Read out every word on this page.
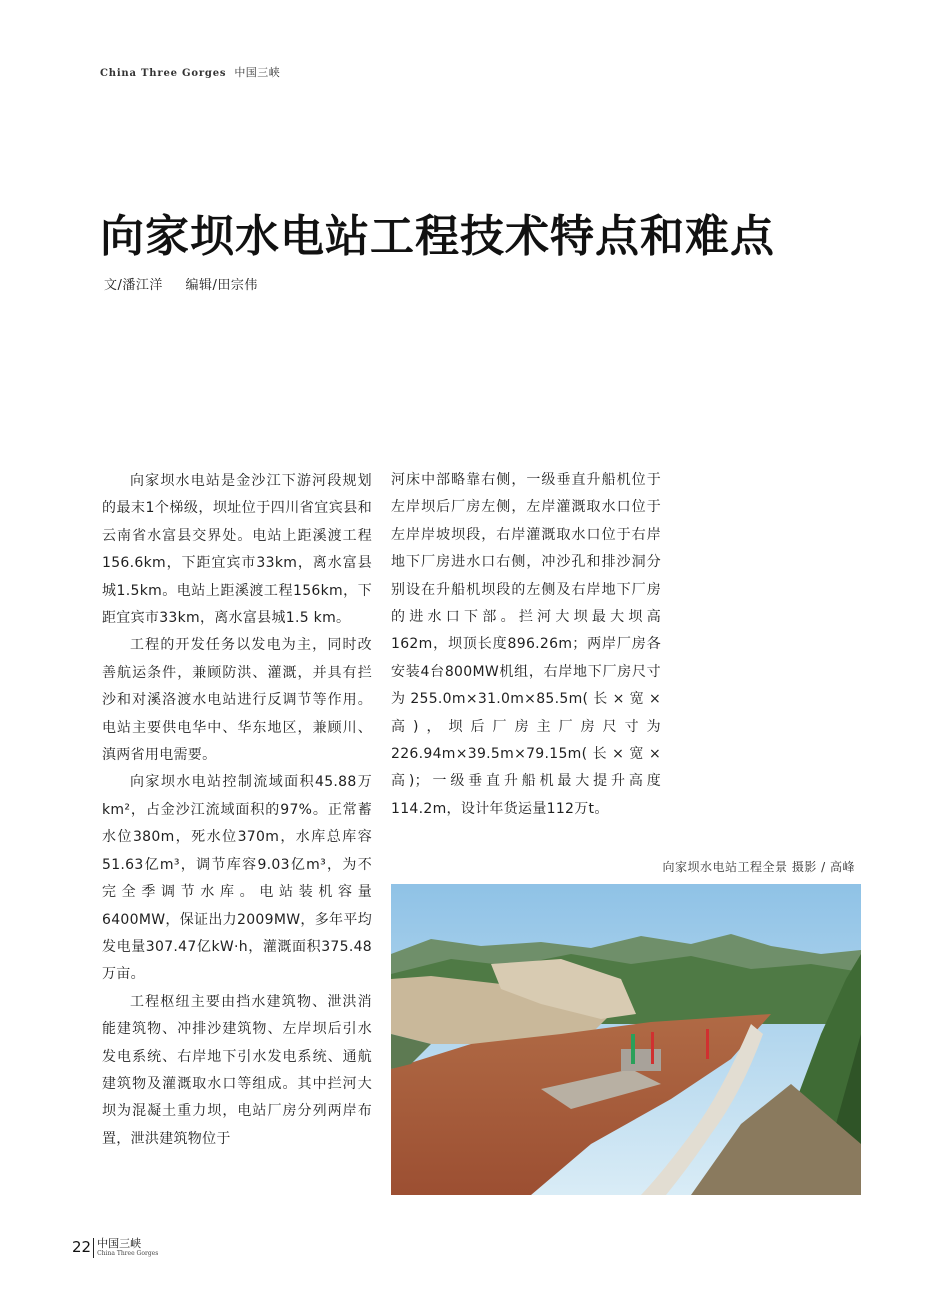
China Three Gorges 中国三峡
向家坝水电站工程技术特点和难点
文/潘江洋 编辑/田宗伟

向家坝水电站是金沙江下游河段规划的最末1个梯级，坝址位于四川省宜宾县和云南省水富县交界处。电站上距溪渡工程156.6km，下距宜宾市33km，离水富县城1.5km。电站上距溪渡工程156km，下距宜宾市33km，离水富县城1.5 km。

工程的开发任务以发电为主，同时改善航运条件，兼顾防洪、灌溉，并具有拦沙和对溪洛渡水电站进行反调节等作用。电站主要供电华中、华东地区，兼顾川、滇两省用电需要。

向家坝水电站控制流域面积45.88万km²，占金沙江流域面积的97%。正常蓄水位380m，死水位370m，水库总库容51.63亿m³，调节库容9.03亿m³，为不完全季调节水库。电站装机容量6400MW，保证出力2009MW，多年平均发电量307.47亿kW·h，灌溉面积375.48万亩。

工程枢纽主要由挡水建筑物、泄洪消能建筑物、冲排沙建筑物、左岸坝后引水发电系统、右岸地下引水发电系统、通航建筑物及灌溉取水口等组成。其中拦河大坝为混凝土重力坝，电站厂房分列两岸布置，泄洪建筑物位于

河床中部略靠右侧，一级垂直升船机位于左岸坝后厂房左侧，左岸灌溉取水口位于左岸岸坡坝段，右岸灌溉取水口位于右岸地下厂房进水口右侧，冲沙孔和排沙洞分别设在升船机坝段的左侧及右岸地下厂房的进水口下部。拦河大坝最大坝高162m，坝顶长度896.26m；两岸厂房各安装4台800MW机组，右岸地下厂房尺寸为255.0m×31.0m×85.5m(长×宽×高)，坝后厂房主厂房尺寸为226.94m×39.5m×79.15m(长×宽×高)；一级垂直升船机最大提升高度114.2m，设计年货运量112万t。

向家坝水电站工程全景 摄影 / 高峰
22 中国三峡
China Three Gorges
